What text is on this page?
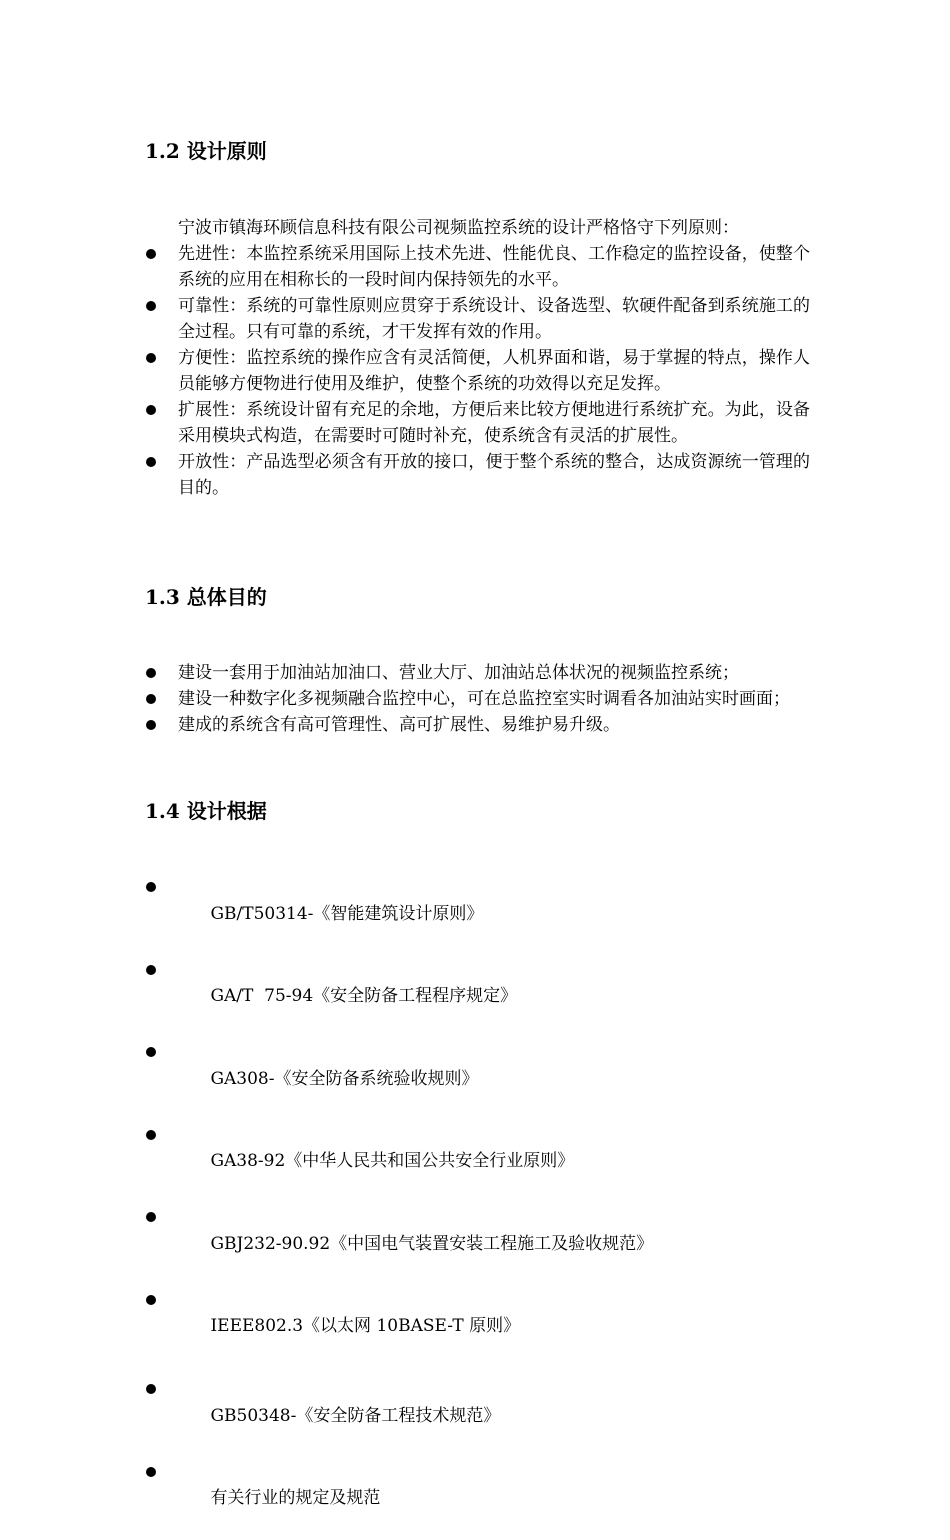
1.2 设计原则

宁波市镇海环顾信息科技有限公司视频监控系统的设计严格恪守下列原则：

先进性：本监控系统采用国际上技术先进、性能优良、工作稳定的监控设备，使整个系统的应用在相称长的一段时间内保持领先的水平。
可靠性：系统的可靠性原则应贯穿于系统设计、设备选型、软硬件配备到系统施工的全过程。只有可靠的系统，才干发挥有效的作用。
方便性：监控系统的操作应含有灵活简便，人机界面和谐，易于掌握的特点，操作人员能够方便物进行使用及维护，使整个系统的功效得以充足发挥。
扩展性：系统设计留有充足的余地，方便后来比较方便地进行系统扩充。为此，设备采用模块式构造，在需要时可随时补充，使系统含有灵活的扩展性。
开放性：产品选型必须含有开放的接口，便于整个系统的整合，达成资源统一管理的目的。
1.3 总体目的
建设一套用于加油站加油口、营业大厅、加油站总体状况的视频监控系统；
建设一种数字化多视频融合监控中心，可在总监控室实时调看各加油站实时画面；
建成的系统含有高可管理性、高可扩展性、易维护易升级。
1.4 设计根据

GB/T50314-《智能建筑设计原则》

GA/T  75-94《安全防备工程程序规定》

GA308-《安全防备系统验收规则》

GA38-92《中华人民共和国公共安全行业原则》

GBJ232-90.92《中国电气装置安装工程施工及验收规范》

IEEE802.3《以太网 10BASE-T 原则》

GB50348-《安全防备工程技术规范》

有关行业的规定及规范
